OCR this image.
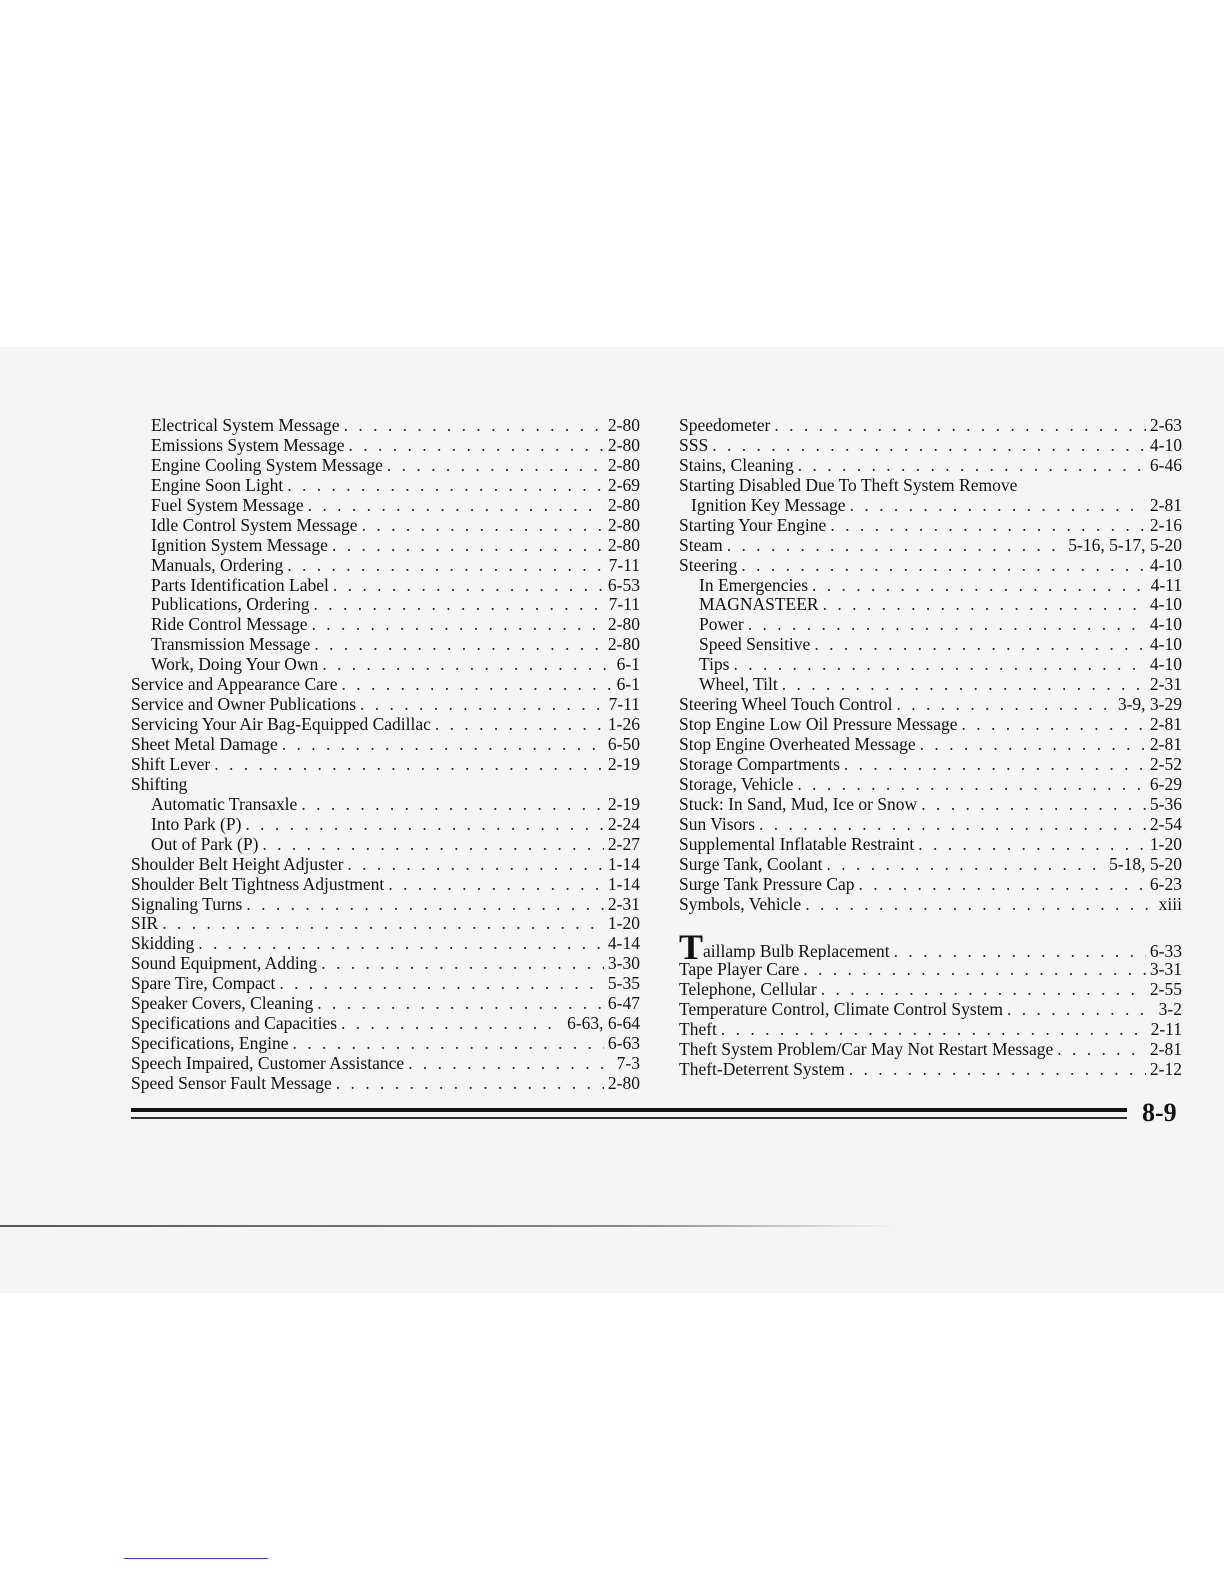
Electrical System Message . . .	2-80
Emissions System Message . . .	2-80
Engine Cooling System Message . . .	2-80
Engine Soon Light . . .	2-69
Fuel System Message . . .	2-80
Idle Control System Message . . .	2-80
Ignition System Message . . .	2-80
Manuals, Ordering . . .	7-11
Parts Identification Label . . .	6-53
Publications, Ordering . . .	7-11
Ride Control Message . . .	2-80
Transmission Message . . .	2-80
Work, Doing Your Own . . .	6-1
Service and Appearance Care . . .	6-1
Service and Owner Publications . . .	7-11
Servicing Your Air Bag-Equipped Cadillac . . .	1-26
Sheet Metal Damage . . .	6-50
Shift Lever . . .	2-19
Shifting
Automatic Transaxle . . .	2-19
Into Park (P) . . .	2-24
Out of Park (P) . . .	2-27
Shoulder Belt Height Adjuster . . .	1-14
Shoulder Belt Tightness Adjustment . . .	1-14
Signaling Turns . . .	2-31
SIR . . .	1-20
Skidding . . .	4-14
Sound Equipment, Adding . . .	3-30
Spare Tire, Compact . . .	5-35
Speaker Covers, Cleaning . . .	6-47
Specifications and Capacities . . .	6-63, 6-64
Specifications, Engine . . .	6-63
Speech Impaired, Customer Assistance . . .	7-3
Speed Sensor Fault Message . . .	2-80
Speedometer . . .	2-63
SSS . . .	4-10
Stains, Cleaning . . .	6-46
Starting Disabled Due To Theft System Remove
Ignition Key Message . . .	2-81
Starting Your Engine . . .	2-16
Steam . . .	5-16, 5-17, 5-20
Steering . . .	4-10
In Emergencies . . .	4-11
MAGNASTEER . . .	4-10
Power . . .	4-10
Speed Sensitive . . .	4-10
Tips . . .	4-10
Wheel, Tilt . . .	2-31
Steering Wheel Touch Control . . .	3-9, 3-29
Stop Engine Low Oil Pressure Message . . .	2-81
Stop Engine Overheated Message . . .	2-81
Storage Compartments . . .	2-52
Storage, Vehicle . . .	6-29
Stuck: In Sand, Mud, Ice or Snow . . .	5-36
Sun Visors . . .	2-54
Supplemental Inflatable Restraint . . .	1-20
Surge Tank, Coolant . . .	5-18, 5-20
Surge Tank Pressure Cap . . .	6-23
Symbols, Vehicle . . .	xiii
Taillamp Bulb Replacement . . .	6-33
Tape Player Care . . .	3-31
Telephone, Cellular . . .	2-55
Temperature Control, Climate Control System . . .	3-2
Theft . . .	2-11
Theft System Problem/Car May Not Restart Message . . .	2-81
Theft-Deterrent System . . .	2-12
8-9
